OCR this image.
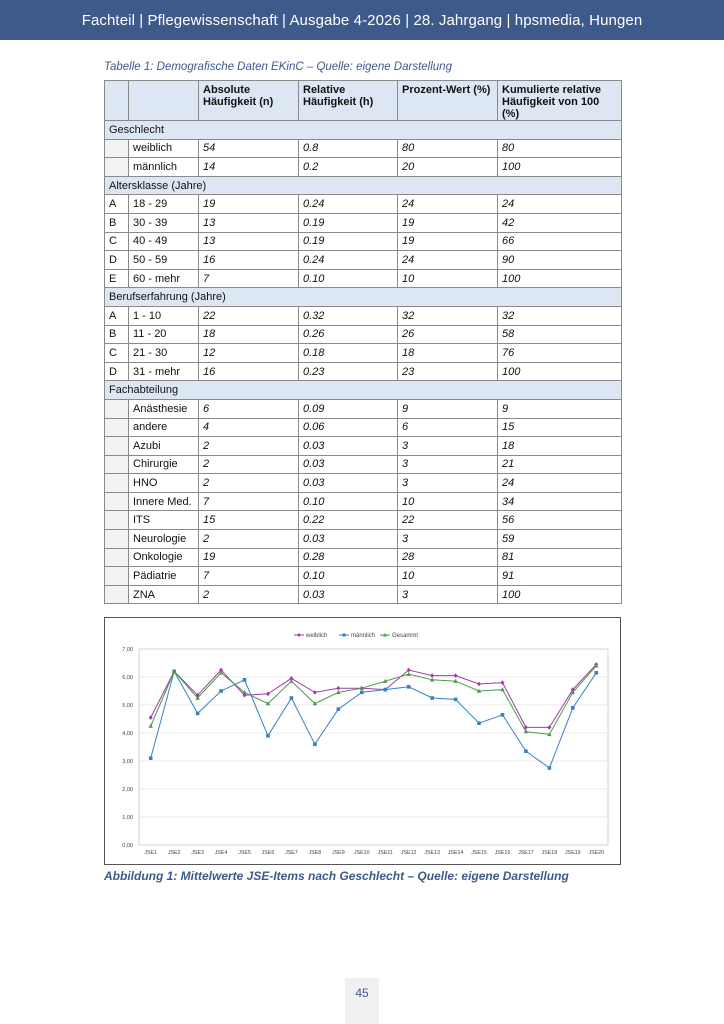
Fachteil | Pflegewissenschaft | Ausgabe 4-2026 | 28. Jahrgang | hpsmedia, Hungen
Tabelle 1: Demografische Daten EKinC – Quelle: eigene Darstellung
		Absolute Häufigkeit (n)	Relative Häufigkeit (h)	Prozent-Wert (%)	Kumulierte relative Häufigkeit von 100 (%)
Geschlecht					
	weiblich	54	0.8	80	80
	männlich	14	0.2	20	100
Altersklasse (Jahre)					
A	18 - 29	19	0.24	24	24
B	30 - 39	13	0.19	19	42
C	40 - 49	13	0.19	19	66
D	50 - 59	16	0.24	24	90
E	60 - mehr	7	0.10	10	100
Berufserfahrung (Jahre)					
A	1 - 10	22	0.32	32	32
B	11 - 20	18	0.26	26	58
C	21 - 30	12	0.18	18	76
D	31 - mehr	16	0.23	23	100
Fachabteilung					
	Anästhesie	6	0.09	9	9
	andere	4	0.06	6	15
	Azubi	2	0.03	3	18
	Chirurgie	2	0.03	3	21
	HNO	2	0.03	3	24
	Innere Med.	7	0.10	10	34
	ITS	15	0.22	22	56
	Neurologie	2	0.03	3	59
	Onkologie	19	0.28	28	81
	Pädiatrie	7	0.10	10	91
	ZNA	2	0.03	3	100
0,00
1,00
2,00
3,00
4,00
5,00
6,00
7,00
JSE1 JSE2 JSE3 JSE4 JSE5 JSE6 JSE7 JSE8 JSE9 JSE10 JSE11 JSE12 JSE13 JSE14 JSE15 JSE16 JSE17 JSE18 JSE19 JSE20
weiblich	männlich	Gesammt
Abbildung 1: Mittelwerte JSE-Items nach Geschlecht – Quelle: eigene Darstellung
45
